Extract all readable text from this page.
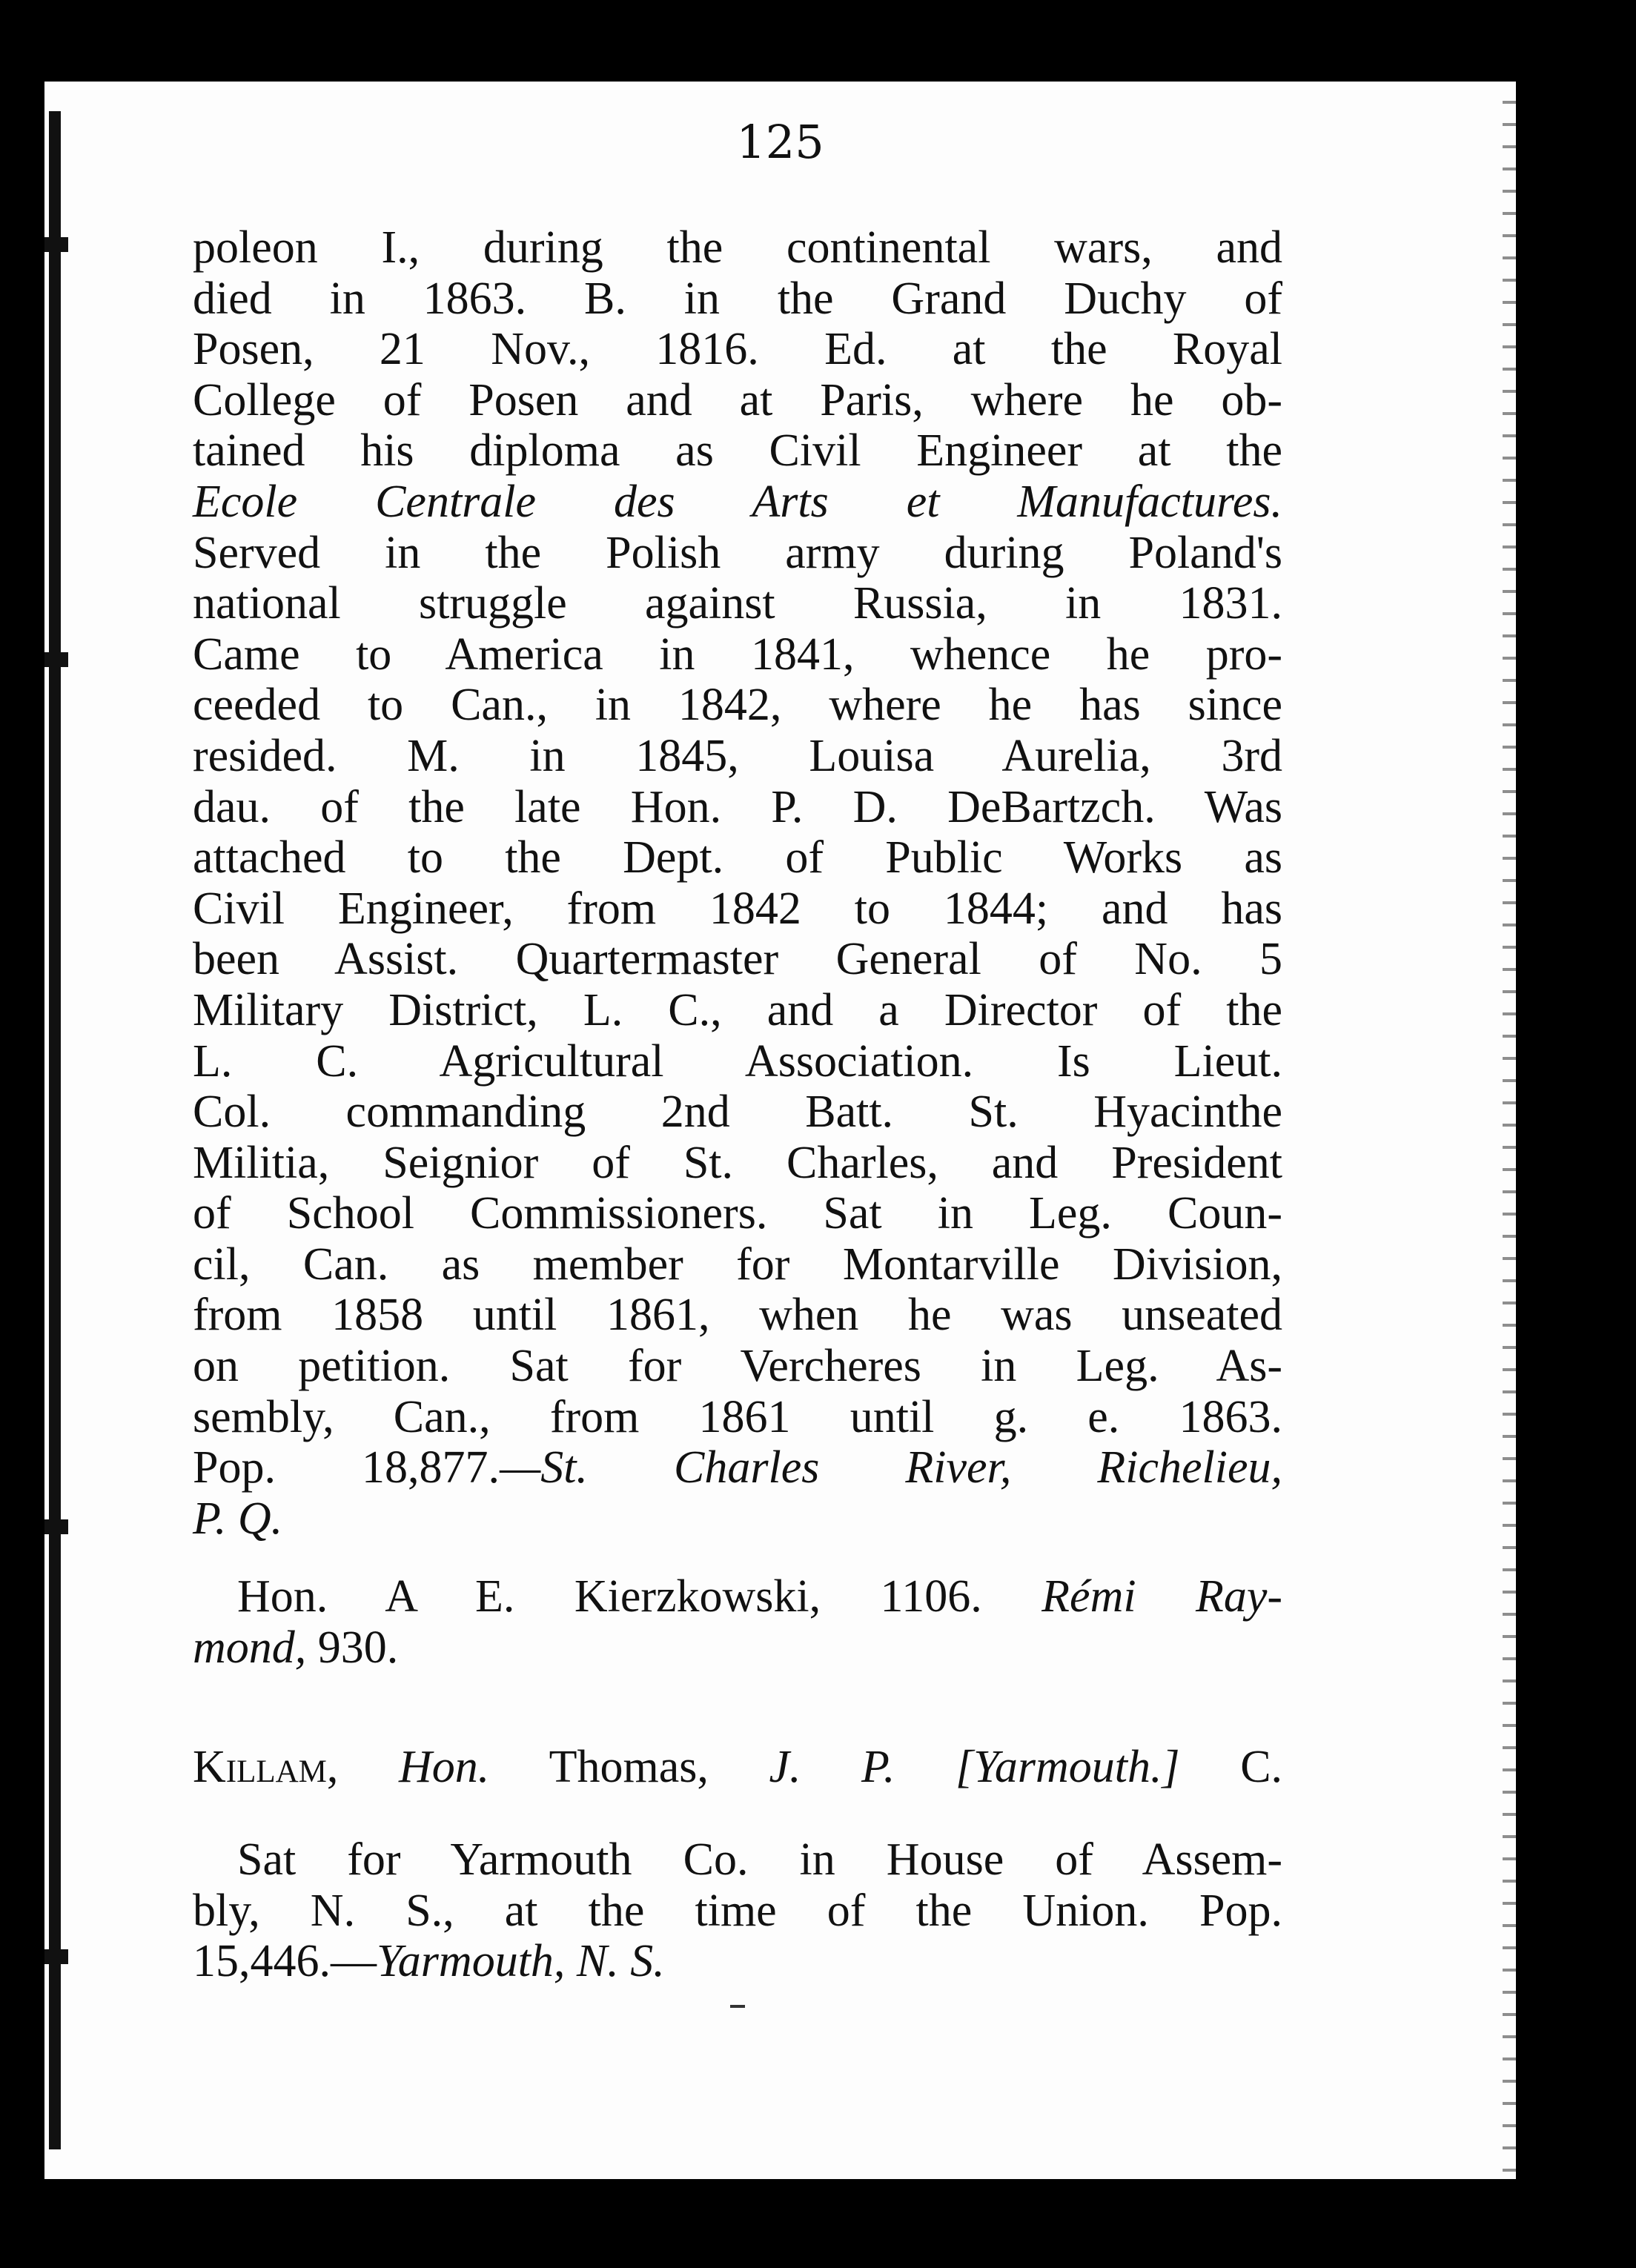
125
poleon I., during the continental wars, and
died in 1863. B. in the Grand Duchy of
Posen, 21 Nov., 1816. Ed. at the Royal
College of Posen and at Paris, where he ob-
tained his diploma as Civil Engineer at the
Ecole Centrale des Arts et Manufactures.
Served in the Polish army during Poland's
national struggle against Russia, in 1831.
Came to America in 1841, whence he pro-
ceeded to Can., in 1842, where he has since
resided. M. in 1845, Louisa Aurelia, 3rd
dau. of the late Hon. P. D. DeBartzch. Was
attached to the Dept. of Public Works as
Civil Engineer, from 1842 to 1844; and has
been Assist. Quartermaster General of No. 5
Military District, L. C., and a Director of the
L. C. Agricultural Association. Is Lieut.
Col. commanding 2nd Batt. St. Hyacinthe
Militia, Seignior of St. Charles, and President
of School Commissioners. Sat in Leg. Coun-
cil, Can. as member for Montarville Division,
from 1858 until 1861, when he was unseated
on petition. Sat for Vercheres in Leg. As-
sembly, Can., from 1861 until g. e. 1863.
Pop. 18,877.—St. Charles River, Richelieu,
P. Q.
Hon. A E. Kierzkowski, 1106. Rémi Ray-
mond, 930.
Killam, Hon. Thomas, J. P. [Yarmouth.] C.
Sat for Yarmouth Co. in House of Assem-
bly, N. S., at the time of the Union. Pop.
15,446.—Yarmouth, N. S.
